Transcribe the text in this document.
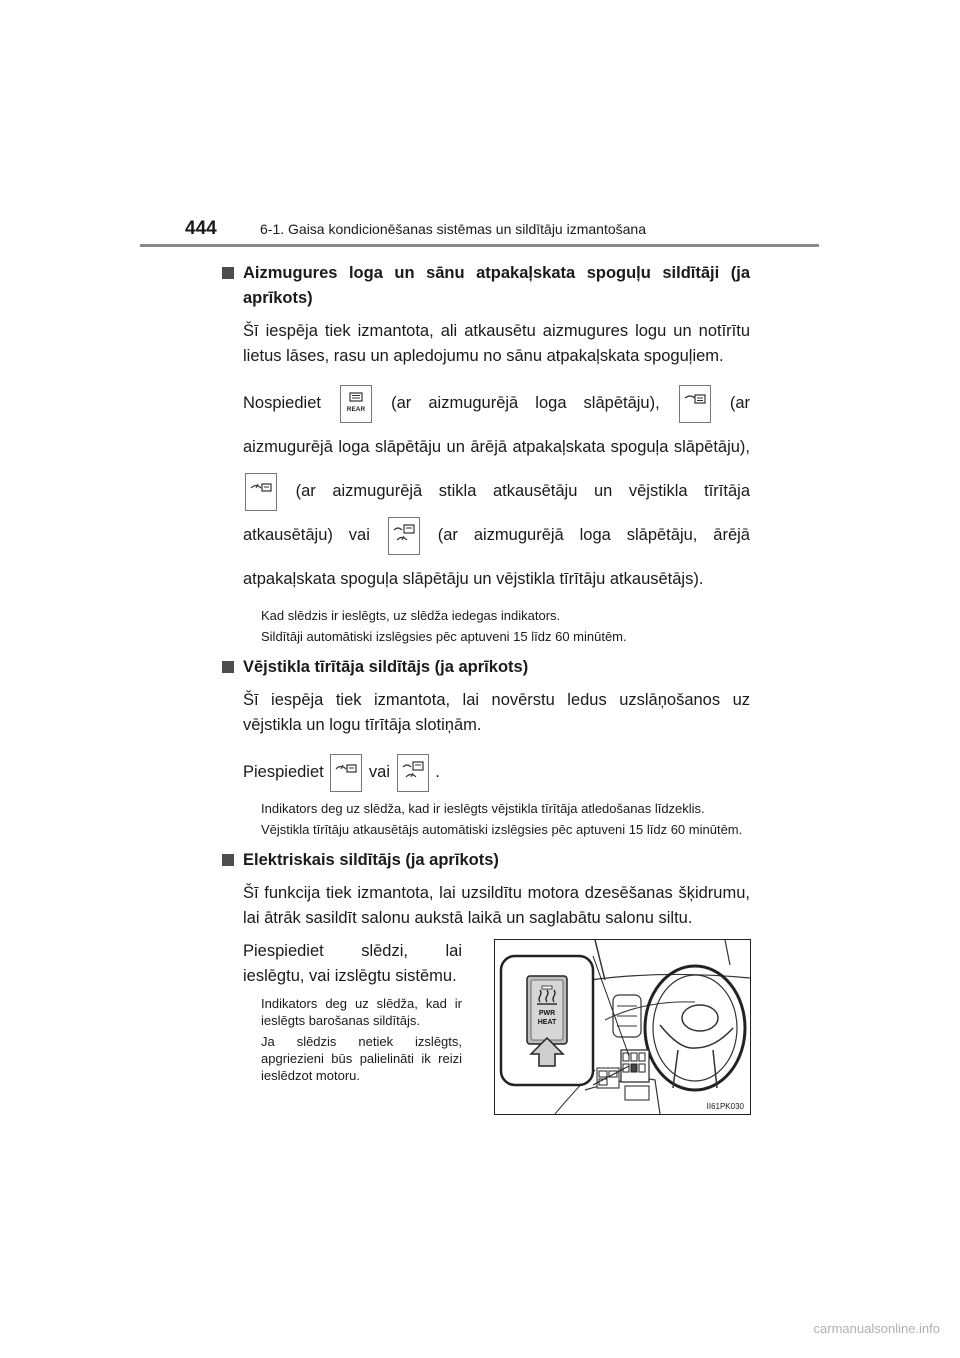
444	6-1. Gaisa kondicionēšanas sistēmas un sildītāju izmantošana
Aizmugures loga un sānu atpakaļskata spoguļu sildītāji (ja aprīkots)
Šī iespēja tiek izmantota, ali atkausētu aizmugures logu un notīrītu lietus lāses, rasu un apledojumu no sānu atpakaļskata spoguļiem.
Nospiediet	REAR (ar aizmugurējā loga slāpētāju),	(ar aizmugurējā loga slāpētāju un ārējā atpakaļskata spoguļa slāpētāju),
(ar aizmugurējā stikla atkausētāju un vējstikla tīrītāja atkausētāju) vai	(ar aizmugurējā loga slāpētāju, ārējā atpakaļskata spoguļa slāpētāju un vējstikla tīrītāju atkausētājs).
Kad slēdzis ir ieslēgts, uz slēdža iedegas indikators.
Sildītāji automātiski izslēgsies pēc aptuveni 15 līdz 60 minūtēm.
Vējstikla tīrītāja sildītājs (ja aprīkots)
Šī iespēja tiek izmantota, lai novērstu ledus uzslāņošanos uz vējstikla un logu tīrītāja slotiņām.
Piespiediet	vai	.
Indikators deg uz slēdža, kad ir ieslēgts vējstikla tīrītāja atledošanas līdzeklis.
Vējstikla tīrītāju atkausētājs automātiski izslēgsies pēc aptuveni 15 līdz 60 minūtēm.
Elektriskais sildītājs (ja aprīkots)
Šī funkcija tiek izmantota, lai uzsildītu motora dzesēšanas šķidrumu, lai ātrāk sasildīt salonu aukstā laikā un saglabātu salonu siltu.
Piespiediet slēdzi, lai ieslēgtu, vai izslēgtu sistēmu.
Indikators deg uz slēdža, kad ir ieslēgts barošanas sildītājs.
Ja slēdzis netiek izslēgts, apgriezieni būs palielināti ik reizi ieslēdzot motoru.
PWR
HEAT
II61PK030
carmanualsonline.info
